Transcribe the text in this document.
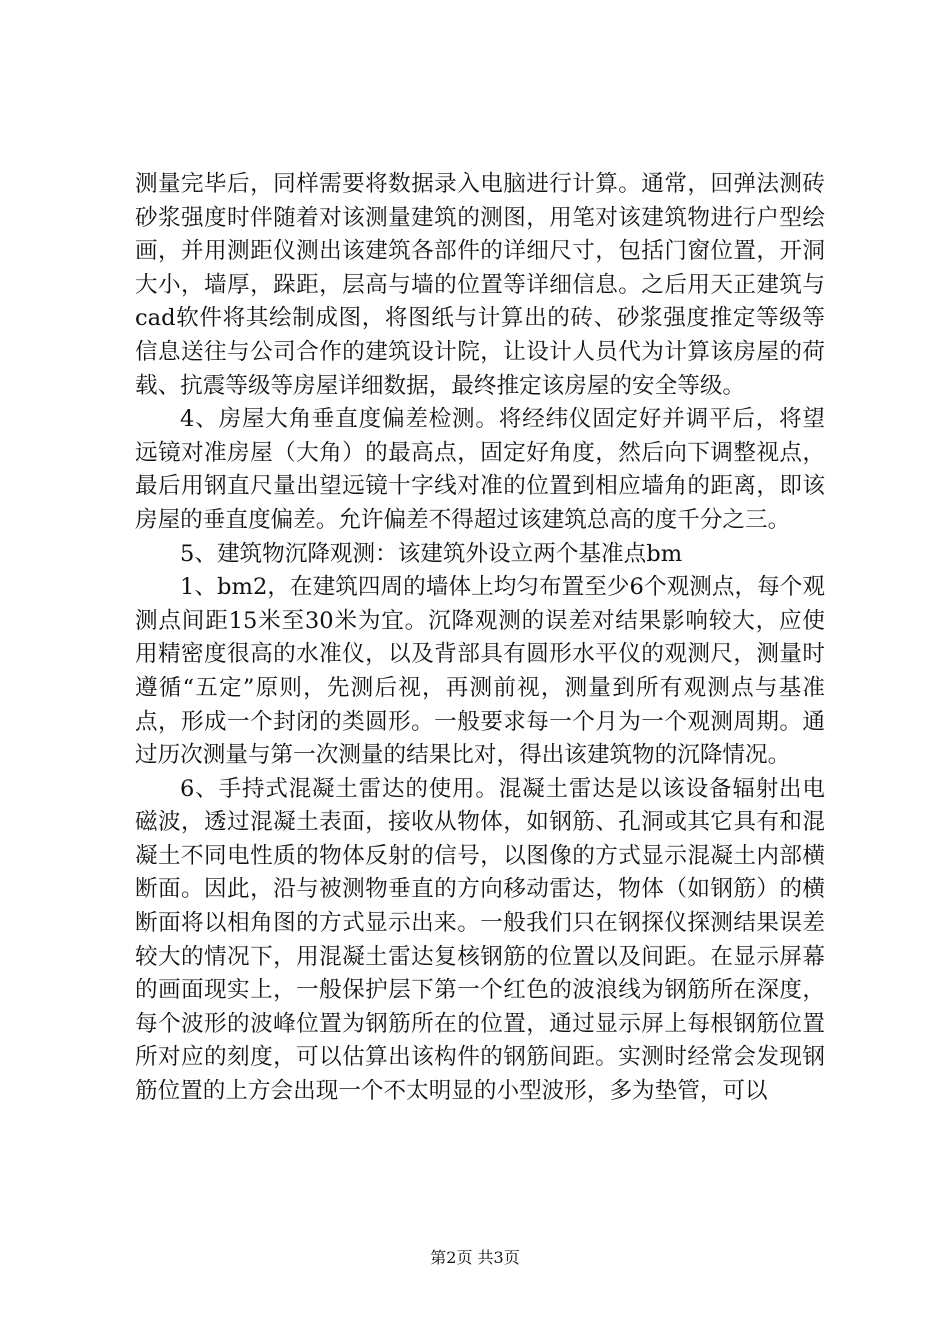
测量完毕后，同样需要将数据录入电脑进行计算。通常，回弹法测砖砂浆强度时伴随着对该测量建筑的测图，用笔对该建筑物进行户型绘画，并用测距仪测出该建筑各部件的详细尺寸，包括门窗位置，开洞大小，墙厚，跺距，层高与墙的位置等详细信息。之后用天正建筑与cad软件将其绘制成图，将图纸与计算出的砖、砂浆强度推定等级等信息送往与公司合作的建筑设计院，让设计人员代为计算该房屋的荷载、抗震等级等房屋详细数据，最终推定该房屋的安全等级。

4、房屋大角垂直度偏差检测。将经纬仪固定好并调平后，将望远镜对准房屋（大角）的最高点，固定好角度，然后向下调整视点，最后用钢直尺量出望远镜十字线对准的位置到相应墙角的距离，即该房屋的垂直度偏差。允许偏差不得超过该建筑总高的度千分之三。

5、建筑物沉降观测：该建筑外设立两个基准点bm

1、bm2，在建筑四周的墙体上均匀布置至少6个观测点，每个观测点间距15米至30米为宜。沉降观测的误差对结果影响较大，应使用精密度很高的水准仪，以及背部具有圆形水平仪的观测尺，测量时遵循“五定”原则，先测后视，再测前视，测量到所有观测点与基准点，形成一个封闭的类圆形。一般要求每一个月为一个观测周期。通过历次测量与第一次测量的结果比对，得出该建筑物的沉降情况。

6、手持式混凝土雷达的使用。混凝土雷达是以该设备辐射出电磁波，透过混凝土表面，接收从物体，如钢筋、孔洞或其它具有和混凝土不同电性质的物体反射的信号，以图像的方式显示混凝土内部横断面。因此，沿与被测物垂直的方向移动雷达，物体（如钢筋）的横断面将以相角图的方式显示出来。一般我们只在钢探仪探测结果误差较大的情况下，用混凝土雷达复核钢筋的位置以及间距。在显示屏幕的画面现实上，一般保护层下第一个红色的波浪线为钢筋所在深度，每个波形的波峰位置为钢筋所在的位置，通过显示屏上每根钢筋位置所对应的刻度，可以估算出该构件的钢筋间距。实测时经常会发现钢筋位置的上方会出现一个不太明显的小型波形，多为垫管，可以

第2页 共3页
